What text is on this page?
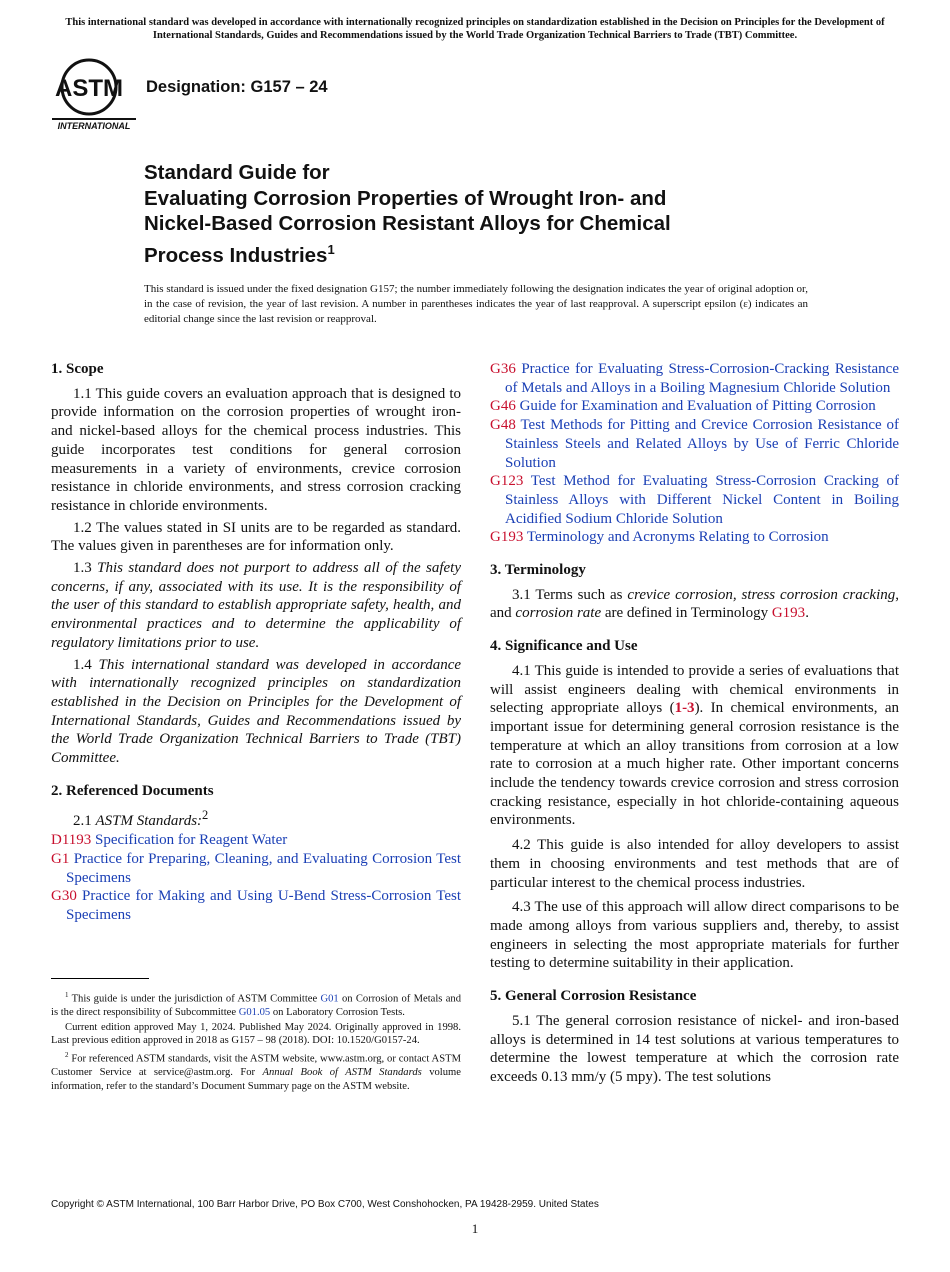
This international standard was developed in accordance with internationally recognized principles on standardization established in the Decision on Principles for the Development of International Standards, Guides and Recommendations issued by the World Trade Organization Technical Barriers to Trade (TBT) Committee.
ASTM
INTERNATIONAL
Designation: G157 – 24
Standard Guide for
Evaluating Corrosion Properties of Wrought Iron- and
Nickel-Based Corrosion Resistant Alloys for Chemical
Process Industries$^1$
This standard is issued under the fixed designation G157; the number immediately following the designation indicates the year of original adoption or, in the case of revision, the year of last revision. A number in parentheses indicates the year of last reapproval. A superscript epsilon (ε) indicates an editorial change since the last revision or reapproval.
1. Scope

1.1 This guide covers an evaluation approach that is designed to provide information on the corrosion properties of wrought iron- and nickel-based alloys for the chemical process industries. This guide incorporates test conditions for general corrosion measurements in a variety of environments, crevice corrosion resistance in chloride environments, and stress corrosion cracking resistance in chloride environments.

1.2 The values stated in SI units are to be regarded as standard. The values given in parentheses are for information only.

1.3 This standard does not purport to address all of the safety concerns, if any, associated with its use. It is the responsibility of the user of this standard to establish appropriate safety, health, and environmental practices and to determine the applicability of regulatory limitations prior to use.

1.4 This international standard was developed in accordance with internationally recognized principles on standardization established in the Decision on Principles for the Development of International Standards, Guides and Recommendations issued by the World Trade Organization Technical Barriers to Trade (TBT) Committee.

2. Referenced Documents

2.1 ASTM Standards:$^2$

D1193 Specification for Reagent Water
G1 Practice for Preparing, Cleaning, and Evaluating Corrosion Test Specimens
G30 Practice for Making and Using U-Bend Stress-Corrosion Test Specimens

$^1$ This guide is under the jurisdiction of ASTM Committee G01 on Corrosion of Metals and is the direct responsibility of Subcommittee G01.05 on Laboratory Corrosion Tests.

Current edition approved May 1, 2024. Published May 2024. Originally approved in 1998. Last previous edition approved in 2018 as G157 – 98 (2018). DOI: 10.1520/G0157-24.

$^2$ For referenced ASTM standards, visit the ASTM website, www.astm.org, or contact ASTM Customer Service at service@astm.org. For Annual Book of ASTM Standards volume information, refer to the standard’s Document Summary page on the ASTM website.

G36 Practice for Evaluating Stress-Corrosion-Cracking Resistance of Metals and Alloys in a Boiling Magnesium Chloride Solution
G46 Guide for Examination and Evaluation of Pitting Corrosion
G48 Test Methods for Pitting and Crevice Corrosion Resistance of Stainless Steels and Related Alloys by Use of Ferric Chloride Solution
G123 Test Method for Evaluating Stress-Corrosion Cracking of Stainless Alloys with Different Nickel Content in Boiling Acidified Sodium Chloride Solution
G193 Terminology and Acronyms Relating to Corrosion
3. Terminology

3.1 Terms such as crevice corrosion, stress corrosion cracking, and corrosion rate are defined in Terminology G193.

4. Significance and Use

4.1 This guide is intended to provide a series of evaluations that will assist engineers dealing with chemical environments in selecting appropriate alloys (1-3). In chemical environments, an important issue for determining general corrosion resistance is the temperature at which an alloy transitions from corrosion at a low rate to corrosion at a much higher rate. Other important concerns include the tendency towards crevice corrosion and stress corrosion cracking resistance, especially in hot chloride-containing aqueous environments.

4.2 This guide is also intended for alloy developers to assist them in choosing environments and test methods that are of particular interest to the chemical process industries.

4.3 The use of this approach will allow direct comparisons to be made among alloys from various suppliers and, thereby, to assist engineers in selecting the most appropriate materials for further testing to determine suitability in their application.

5. General Corrosion Resistance

5.1 The general corrosion resistance of nickel- and iron-based alloys is determined in 14 test solutions at various temperatures to determine the lowest temperature at which the corrosion rate exceeds 0.13 mm/y (5 mpy). The test solutions

Copyright © ASTM International, 100 Barr Harbor Drive, PO Box C700, West Conshohocken, PA 19428-2959. United States
1
